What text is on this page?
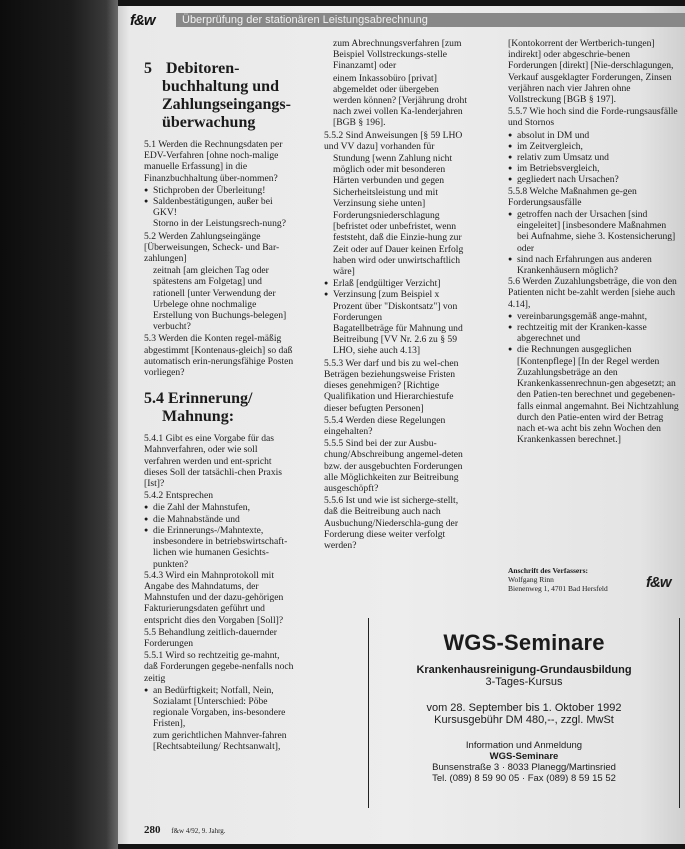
f&w	Überprüfung der stationären Leistungsabrechnung
5 Debitoren-
buchhaltung und
Zahlungseingangs-
überwachung
5.1 Werden die Rechnungsdaten per EDV-Verfahren [ohne noch-malige manuelle Erfassung] in die Finanzbuchhaltung über-nommen?
● Stichproben der Überleitung!
● Saldenbestätigungen, außer bei GKV!
Storno in der Leistungsrech-nung?
5.2 Werden Zahlungseingänge [Überweisungen, Scheck- und Bar-zahlungen]
zeitnah [am gleichen Tag oder spätestens am Folgetag] und rationell [unter Verwendung der Urbelege ohne nochmalige Erstellung von Buchungs-belegen] verbucht?
5.3 Werden die Konten regel-mäßig abgestimmt [Kontenaus-gleich] so daß automatisch erin-nerungsfähige Posten vorliegen?
5.4 Erinnerung/
Mahnung:
5.4.1 Gibt es eine Vorgabe für das Mahnverfahren, oder wie soll verfahren werden und ent-spricht dieses Soll der tatsächli-chen Praxis [Ist]?
5.4.2 Entsprechen
● die Zahl der Mahnstufen,
● die Mahnabstände und
● die Erinnerungs-/Mahntexte, insbesondere in betriebswirtschaft-lichen wie humanen Gesichts-punkten?
5.4.3 Wird ein Mahnprotokoll mit Angabe des Mahndatums, der Mahnstufen und der dazu-gehörigen Fakturierungsdaten geführt und entspricht dies den Vorgaben [Soll]?
5.5 Behandlung zeitlich-dauernder Forderungen
5.5.1 Wird so rechtzeitig ge-mahnt, daß Forderungen gegebe-nenfalls noch zeitig
● an Bedürftigkeit; Notfall, Nein, Sozialamt [Unterschied: Pöbe regionale Vorgaben, ins-besondere Fristen],
zum gerichtlichen Mahnver-fahren [Rechtsabteilung/ Rechtsanwalt],
zum Abrechnungsverfahren [zum Beispiel Vollstreckungs-stelle Finanzamt] oder
einem Inkassobüro [privat] abgemeldet oder übergeben werden können? [Verjährung droht nach zwei vollen Ka-lenderjahren [BGB § 196].
5.5.2 Sind Anweisungen [§ 59 LHO und VV dazu] vorhanden für
Stundung [wenn Zahlung nicht möglich oder mit besonderen Härten verbunden und gegen Sicherheitsleistung und mit Verzinsung siehe unten]
Forderungsniederschlagung [befristet oder unbefristet, wenn feststeht, daß die Einzie-hung zur Zeit oder auf Dauer keinen Erfolg haben wird oder unwirtschaftlich wäre]
● Erlaß [endgültiger Verzicht]
● Verzinsung [zum Beispiel x Prozent über "Diskontsatz"] von Forderungen
Bagatellbeträge für Mahnung und Beitreibung [VV Nr. 2.6 zu § 59 LHO, siehe auch 4.13]
5.5.3 Wer darf und bis zu wel-chen Beträgen beziehungsweise Fristen dieses genehmigen? [Richtige Qualifikation und Hierarchiestufe dieser befugten Personen]
5.5.4 Werden diese Regelungen eingehalten?
5.5.5 Sind bei der zur Ausbu-chung/Abschreibung angemel-deten bzw. der ausgebuchten Forderungen alle Möglichkeiten zur Beitreibung ausgeschöpft?
5.5.6 Ist und wie ist sicherge-stellt, daß die Beitreibung auch nach Ausbuchung/Niederschla-gung der Forderung diese weiter verfolgt werden?
[Kontokorrent der Wertberich-tungen] indirekt] oder abgeschrie-benen Forderungen [direkt] [Nie-derschlagungen, Verkauf ausgeklagter Forderungen, Zinsen verjähren nach vier Jahren ohne Vollstreckung [BGB § 197].
5.5.7 Wie hoch sind die Forde-rungsausfälle und Stornos
● absolut in DM und
● im Zeitvergleich,
● relativ zum Umsatz und
● im Betriebsvergleich,
● gegliedert nach Ursachen?
5.5.8 Welche Maßnahmen ge-gen Forderungsausfälle
● getroffen nach der Ursachen [sind eingeleitet] [insbesondere Maßnahmen bei Aufnahme, siehe 3. Kostensicherung] oder
● sind nach Erfahrungen aus anderen Krankenhäusern möglich?
5.6 Werden Zuzahlungsbeträge, die von den Patienten nicht be-zahlt werden [siehe auch 4.14],
● vereinbarungsgemäß ange-mahnt,
● rechtzeitig mit der Kranken-kasse abgerechnet und
● die Rechnungen ausgeglichen [Kontenpflege] [In der Regel werden Zuzahlungsbeträge an den Krankenkassenrechnun-gen abgesetzt; an den Patien-ten berechnet und gegebenen-falls einmal angemahnt. Bei Nichtzahlung durch den Patie-enten wird der Betrag nach et-wa acht bis zehn Wochen den Krankenkassen berechnet.]
Anschrift des Verfassers:
Wolfgang Rinn
Bienenweg 1, 4701 Bad Hersfeld	f&w
WGS-Seminare
Krankenhausreinigung-Grundausbildung
3-Tages-Kursus
vom 28. September bis 1. Oktober 1992
Kursusgebühr DM 480,--, zzgl. MwSt
Information und Anmeldung
WGS-Seminare
Bunsenstraße 3 · 8033 Planegg/Martinsried
Tel. (089) 8 59 90 05 · Fax (089) 8 59 15 52
280 f&w 4/92, 9. Jahrg.
